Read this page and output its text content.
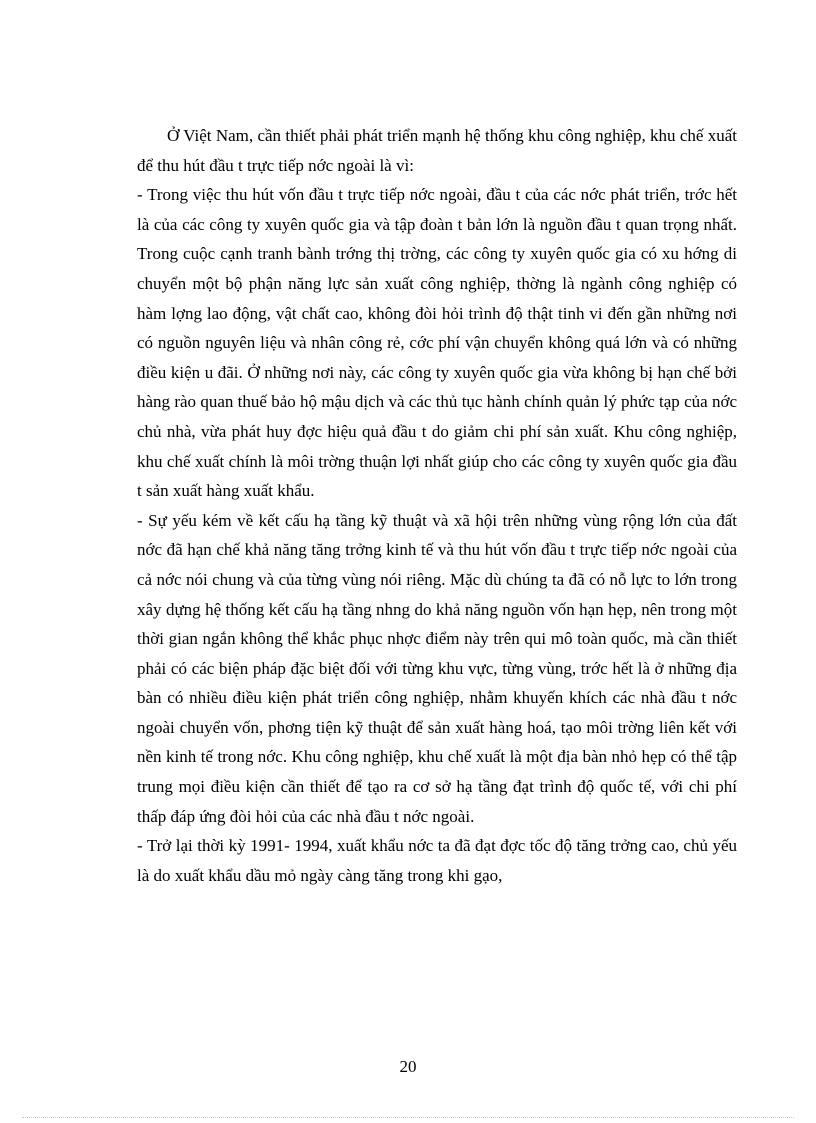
Ở Việt Nam, cần thiết phải phát triển mạnh hệ thống khu công nghiệp, khu chế xuất để thu hút đầu t trực tiếp nớc ngoài là vì:

- Trong việc thu hút vốn đầu t trực tiếp nớc ngoài, đầu t của các nớc phát triển, trớc hết là của các công ty xuyên quốc gia và tập đoàn t bản lớn là nguồn đầu t quan trọng nhất. Trong cuộc cạnh tranh bành trớng thị trờng, các công ty xuyên quốc gia có xu hớng di chuyển một bộ phận năng lực sản xuất công nghiệp, thờng là ngành công nghiệp có hàm lợng lao động, vật chất cao, không đòi hỏi trình độ thật tinh vi đến gần những nơi có nguồn nguyên liệu và nhân công rẻ, cớc phí vận chuyển không quá lớn và có những điều kiện u đãi. Ở những nơi này, các công ty xuyên quốc gia vừa không bị hạn chế bởi hàng rào quan thuế bảo hộ mậu dịch và các thủ tục hành chính quản lý phức tạp của nớc chủ nhà, vừa phát huy đợc hiệu quả đầu t do giảm chi phí sản xuất. Khu công nghiệp, khu chế xuất chính là môi trờng thuận lợi nhất giúp cho các công ty xuyên quốc gia đầu t sản xuất hàng xuất khẩu.

- Sự yếu kém về kết cấu hạ tầng kỹ thuật và xã hội trên những vùng rộng lớn của đất nớc đã hạn chế khả năng tăng trởng kinh tế và thu hút vốn đầu t trực tiếp nớc ngoài của cả nớc nói chung và của từng vùng nói riêng. Mặc dù chúng ta đã có nỗ lực to lớn trong xây dựng hệ thống kết cấu hạ tầng nhng do khả năng nguồn vốn hạn hẹp, nên trong một thời gian ngắn không thể khắc phục nhợc điểm này trên qui mô toàn quốc, mà cần thiết phải có các biện pháp đặc biệt đối với từng khu vực, từng vùng, trớc hết là ở những địa bàn có nhiều điều kiện phát triển công nghiệp, nhằm khuyến khích các nhà đầu t nớc ngoài chuyển vốn, phơng tiện kỹ thuật để sản xuất hàng hoá, tạo môi trờng liên kết với nền kinh tế trong nớc. Khu công nghiệp, khu chế xuất là một địa bàn nhỏ hẹp có thể tập trung mọi điều kiện cần thiết để tạo ra cơ sở hạ tầng đạt trình độ quốc tế, với chi phí thấp đáp ứng đòi hỏi của các nhà đầu t nớc ngoài.

- Trở lại thời kỳ 1991- 1994, xuất khẩu nớc ta đã đạt đợc tốc độ tăng trởng cao, chủ yếu là do xuất khẩu dầu mỏ ngày càng tăng trong khi gạo,

20
